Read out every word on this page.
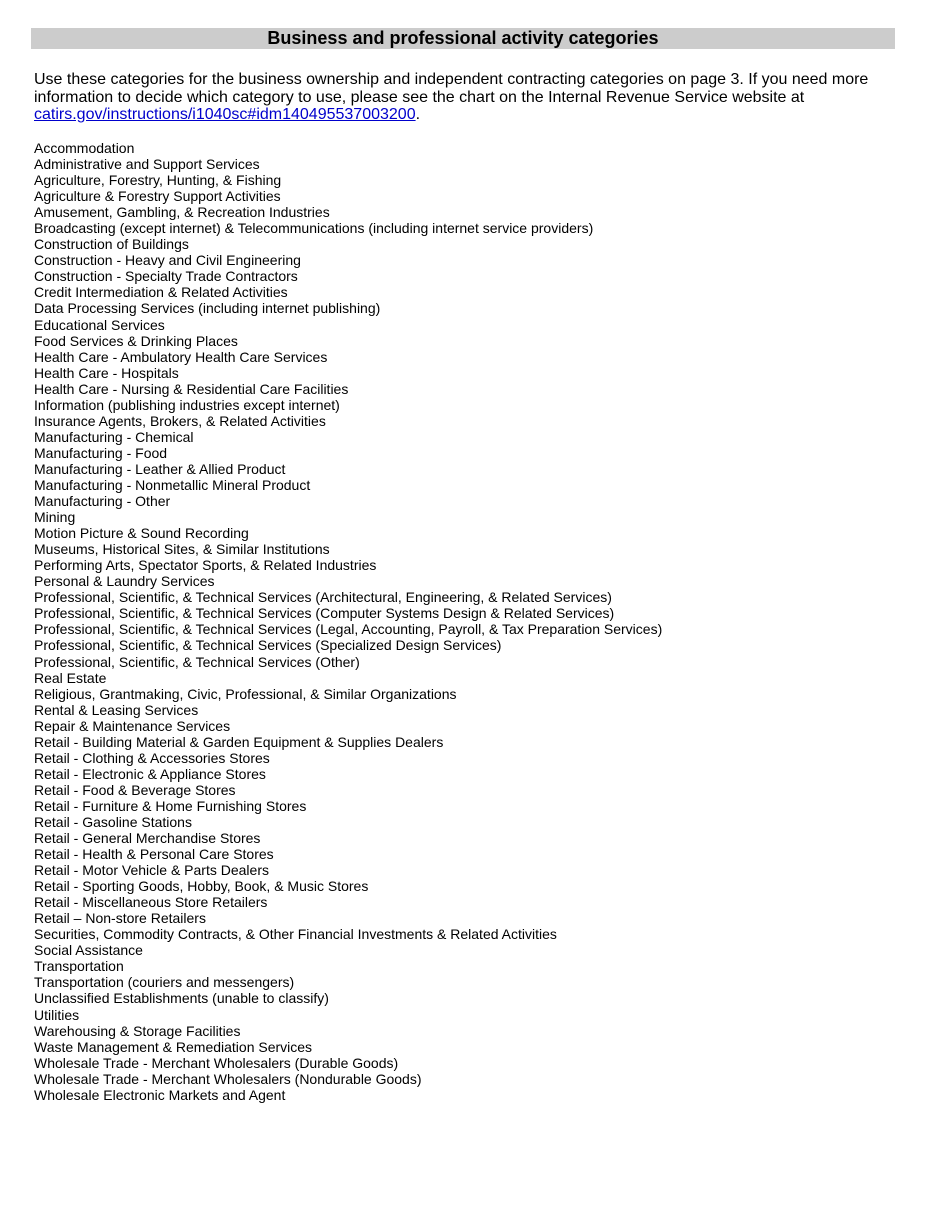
Business and professional activity categories

Use these categories for the business ownership and independent contracting categories on page 3. If you need more information to decide which category to use, please see the chart on the Internal Revenue Service website at catirs.gov/instructions/i1040sc#idm140495537003200.

Accommodation
Administrative and Support Services
Agriculture, Forestry, Hunting, & Fishing
Agriculture & Forestry Support Activities
Amusement, Gambling, & Recreation Industries
Broadcasting (except internet) & Telecommunications (including internet service providers)
Construction of Buildings
Construction - Heavy and Civil Engineering
Construction - Specialty Trade Contractors
Credit Intermediation & Related Activities
Data Processing Services (including internet publishing)
Educational Services
Food Services & Drinking Places
Health Care - Ambulatory Health Care Services
Health Care - Hospitals
Health Care - Nursing & Residential Care Facilities
Information (publishing industries except internet)
Insurance Agents, Brokers, & Related Activities
Manufacturing - Chemical
Manufacturing - Food
Manufacturing - Leather & Allied Product
Manufacturing - Nonmetallic Mineral Product
Manufacturing - Other
Mining
Motion Picture & Sound Recording
Museums, Historical Sites, & Similar Institutions
Performing Arts, Spectator Sports, & Related Industries
Personal & Laundry Services
Professional, Scientific, & Technical Services (Architectural, Engineering, & Related Services)
Professional, Scientific, & Technical Services (Computer Systems Design & Related Services)
Professional, Scientific, & Technical Services (Legal, Accounting, Payroll, & Tax Preparation Services)
Professional, Scientific, & Technical Services (Specialized Design Services)
Professional, Scientific, & Technical Services (Other)
Real Estate
Religious, Grantmaking, Civic, Professional, & Similar Organizations
Rental & Leasing Services
Repair & Maintenance Services
Retail - Building Material & Garden Equipment & Supplies Dealers
Retail - Clothing & Accessories Stores
Retail - Electronic & Appliance Stores
Retail - Food & Beverage Stores
Retail - Furniture & Home Furnishing Stores
Retail - Gasoline Stations
Retail - General Merchandise Stores
Retail - Health & Personal Care Stores
Retail - Motor Vehicle & Parts Dealers
Retail - Sporting Goods, Hobby, Book, & Music Stores
Retail - Miscellaneous Store Retailers
Retail – Non-store Retailers
Securities, Commodity Contracts, & Other Financial Investments & Related Activities
Social Assistance
Transportation
Transportation (couriers and messengers)
Unclassified Establishments (unable to classify)
Utilities
Warehousing & Storage Facilities
Waste Management & Remediation Services
Wholesale Trade - Merchant Wholesalers (Durable Goods)
Wholesale Trade - Merchant Wholesalers (Nondurable Goods)
Wholesale Electronic Markets and Agent
